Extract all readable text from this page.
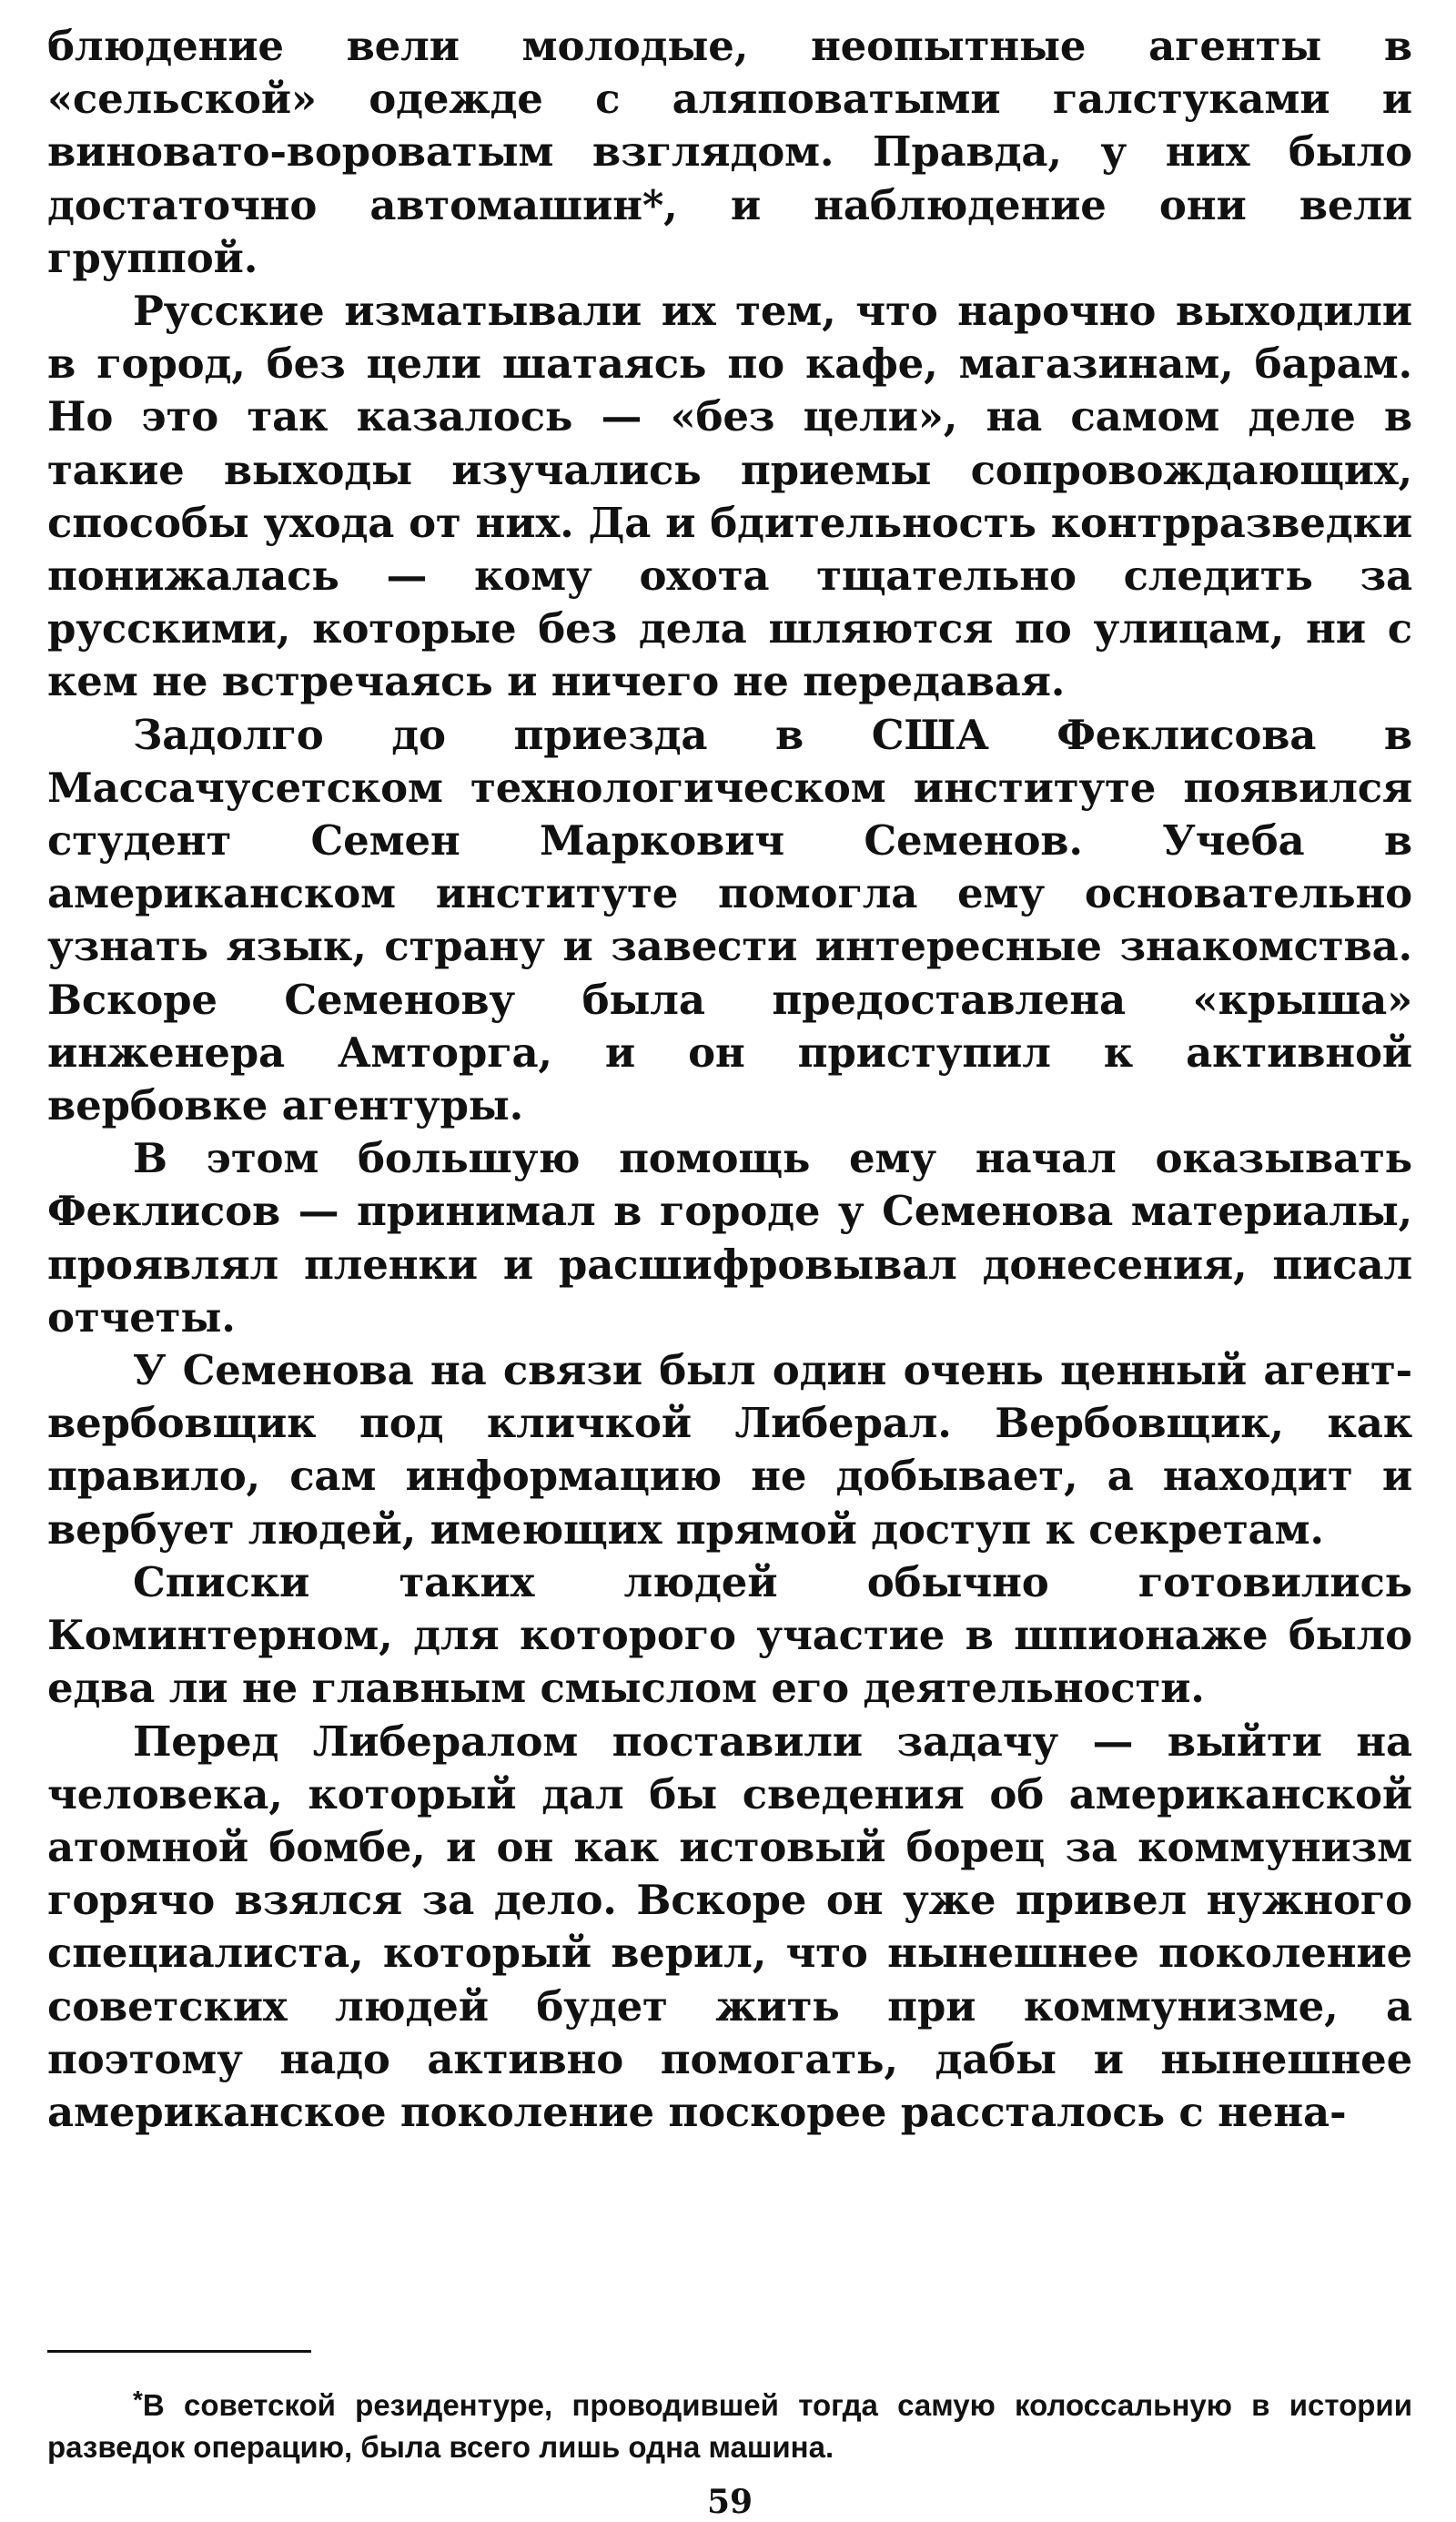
блюдение вели молодые, неопытные агенты в «сельской» одежде с аляповатыми галстуками и виновато-вороватым взглядом. Правда, у них было достаточно автомашин*, и наблюдение они вели группой.

Русские изматывали их тем, что нарочно выходили в город, без цели шатаясь по кафе, магазинам, барам. Но это так казалось — «без цели», на самом деле в такие выходы изучались приемы сопровождающих, способы ухода от них. Да и бдительность контрразведки понижалась — кому охота тщательно следить за русскими, которые без дела шляются по улицам, ни с кем не встречаясь и ничего не передавая.

Задолго до приезда в США Феклисова в Массачусетском технологическом институте появился студент Семен Маркович Семенов. Учеба в американском институте помогла ему основательно узнать язык, страну и завести интересные знакомства. Вскоре Семенову была предоставлена «крыша» инженера Амторга, и он приступил к активной вербовке агентуры.

В этом большую помощь ему начал оказывать Феклисов — принимал в городе у Семенова материалы, проявлял пленки и расшифровывал донесения, писал отчеты.

У Семенова на связи был один очень ценный агент-вербовщик под кличкой Либерал. Вербовщик, как правило, сам информацию не добывает, а находит и вербует людей, имеющих прямой доступ к секретам.

Списки таких людей обычно готовились Коминтерном, для которого участие в шпионаже было едва ли не главным смыслом его деятельности.

Перед Либералом поставили задачу — выйти на человека, который дал бы сведения об американской атомной бомбе, и он как истовый борец за коммунизм горячо взялся за дело. Вскоре он уже привел нужного специалиста, который верил, что нынешнее поколение советских людей будет жить при коммунизме, а поэтому надо активно помогать, дабы и нынешнее американское поколение поскорее рассталось с нена-

*В советской резидентуре, проводившей тогда самую колоссальную в истории разведок операцию, была всего лишь одна машина.

59
